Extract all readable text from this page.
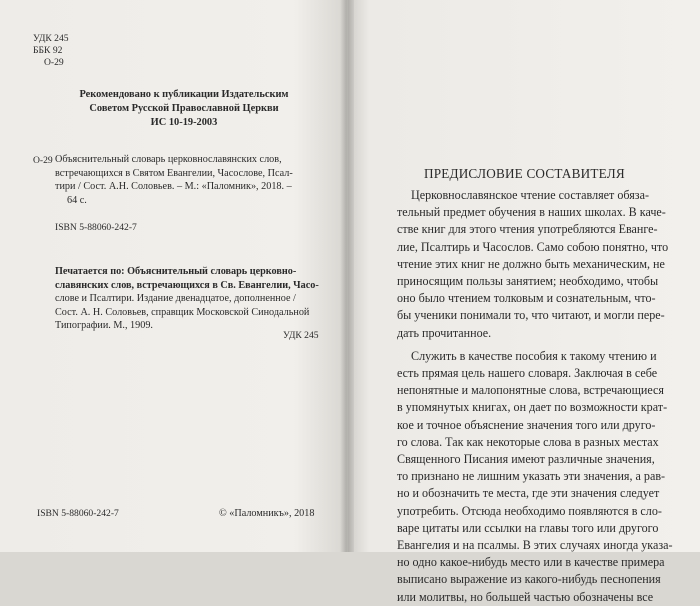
УДК 245
ББК 92
О-29
Рекомендовано к публикации Издательским
Советом Русской Православной Церкви
ИС 10-19-2003
О-29 Объяснительный словарь церковнославянских слов,
встречающихся в Святом Евангелии, Часослове, Псал-
тири / Сост. А.Н. Соловьев. – М.: «Паломник», 2018. –
64 с.
ISBN 5-88060-242-7
Печатается по: Объяснительный словарь церковно-
славянских слов, встречающихся в Св. Евангелии, Часо-
слове и Псалтири. Издание двенадцатое, дополненное /
Сост. А. Н. Соловьев, справщик Московской Синодальной
Типографии. М., 1909.
УДК 245
ISBN 5-88060-242-7	© «Паломникъ», 2018
ПРЕДИСЛОВИЕ СОСТАВИТЕЛЯ
Церковнославянское чтение составляет обяза-
тельный предмет обучения в наших школах. В каче-
стве книг для этого чтения употребляются Еванге-
лие, Псалтирь и Часослов. Само собою понятно, что
чтение этих книг не должно быть механическим, не
приносящим пользы занятием; необходимо, чтобы
оно было чтением толковым и сознательным, что-
бы ученики понимали то, что читают, и могли пере-
дать прочитанное.
Служить в качестве пособия к такому чтению и
есть прямая цель нашего словаря. Заключая в себе
непонятные и малопонятные слова, встречающиеся
в упомянутых книгах, он дает по возможности крат-
кое и точное объяснение значения того или друго-
го слова. Так как некоторые слова в разных местах
Священного Писания имеют различные значения,
то признано не лишним указать эти значения, а рав-
но и обозначить те места, где эти значения следует
употребить. Отсюда необходимо появляются в сло-
варе цитаты или ссылки на главы того или другого
Евангелия и на псалмы. В этих случаях иногда указа-
но одно какое-нибудь место или в качестве примера
выписано выражение из какого-нибудь песнопения
или молитвы, но большей частью обозначены все
